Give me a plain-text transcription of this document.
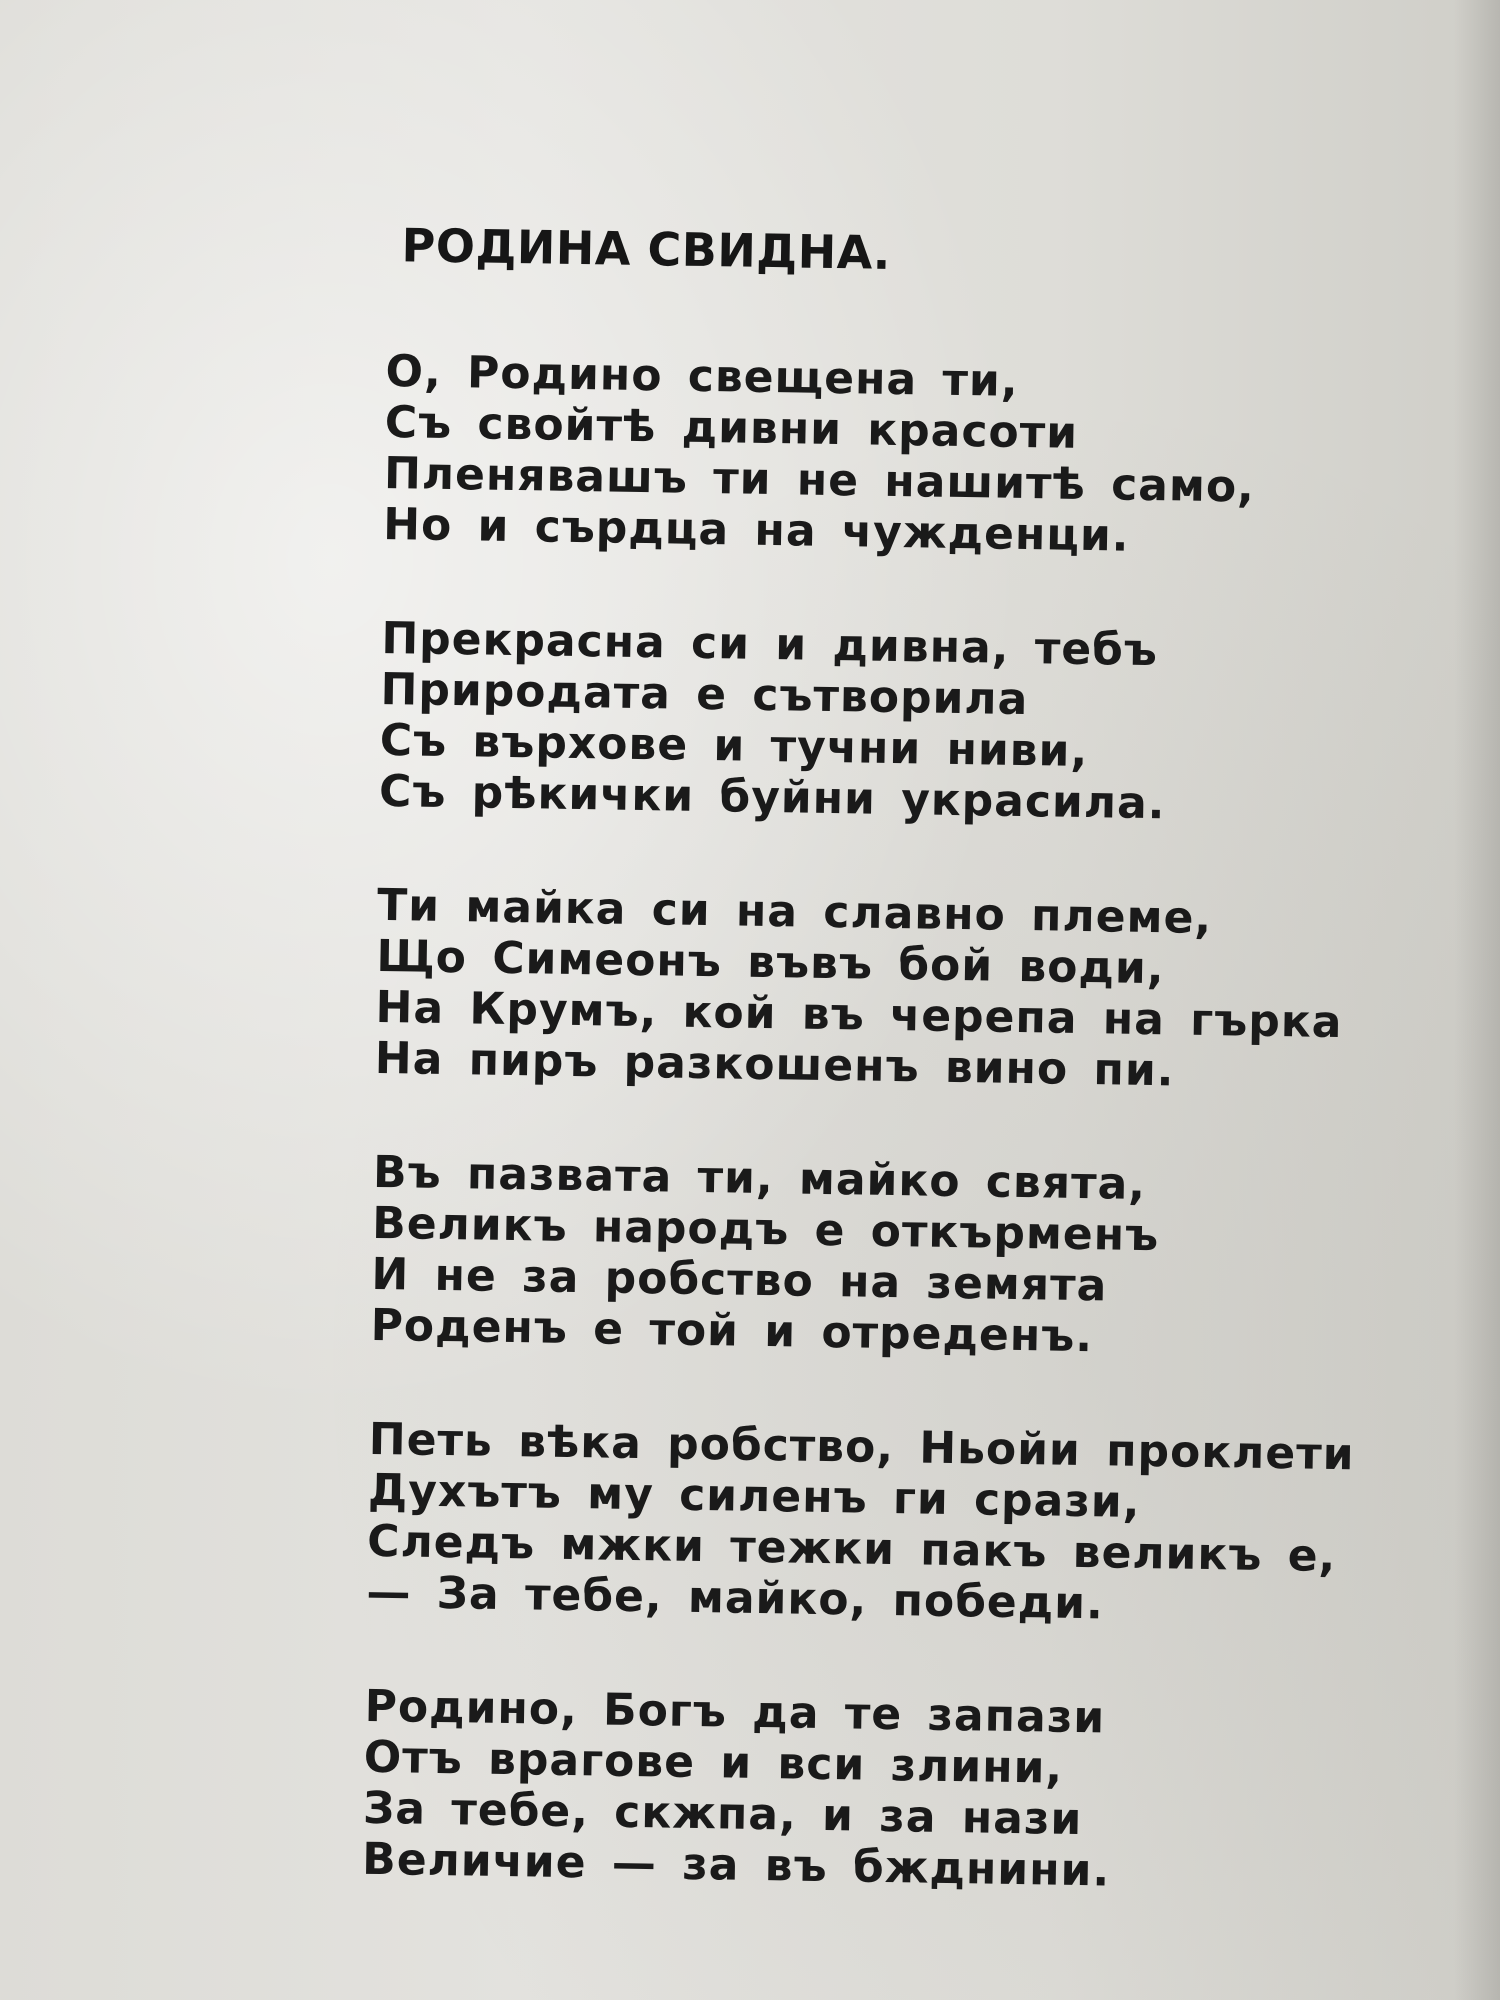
РОДИНА СВИДНА.
О, Родино свещена ти,
Съ свойтѣ дивни красоти
Пленявашъ ти не нашитѣ само,
Но и сърдца на чужденци.
Прекрасна си и дивна, тебъ
Природата е сътворила
Съ върхове и тучни ниви,
Съ рѣкички буйни украсила.
Ти майка си на славно племе,
Що Симеонъ въвъ бой води,
На Крумъ, кой въ черепа на гърка
На пиръ разкошенъ вино пи.
Въ пазвата ти, майко свята,
Великъ народъ е откърменъ
И не за робство на земята
Роденъ е той и отреденъ.
Петь вѣка робство, Ньойи проклети
Духътъ му силенъ ги срази,
Следъ мжки тежки пакъ великъ е,
— За тебе, майко, победи.
Родино, Богъ да те запази
Отъ врагове и вси злини,
За тебе, скжпа, и за нази
Величие — за въ бжднини.
